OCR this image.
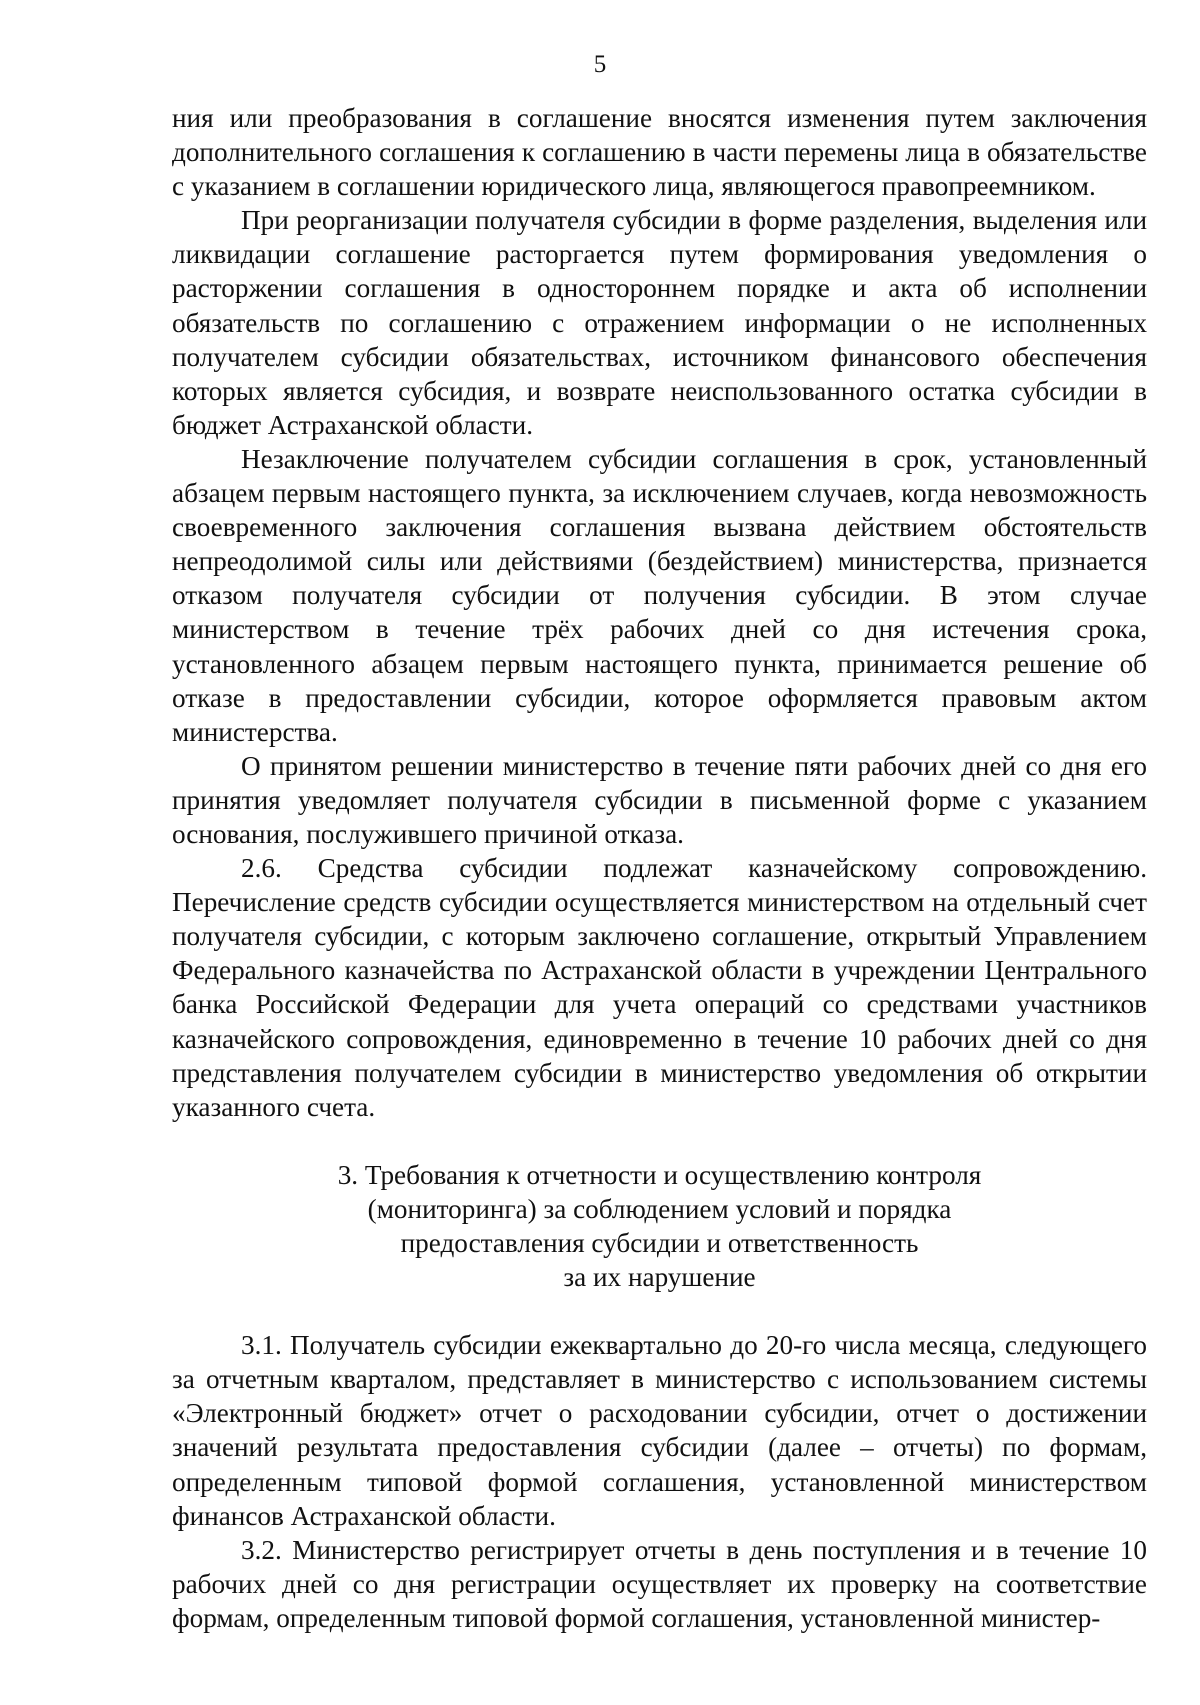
5

ния или преобразования в соглашение вносятся изменения путем заключения дополнительного соглашения к соглашению в части перемены лица в обязательстве с указанием в соглашении юридического лица, являющегося правопреемником.

При реорганизации получателя субсидии в форме разделения, выделения или ликвидации соглашение расторгается путем формирования уведомления о расторжении соглашения в одностороннем порядке и акта об исполнении обязательств по соглашению с отражением информации о не исполненных получателем субсидии обязательствах, источником финансового обеспечения которых является субсидия, и возврате неиспользованного остатка субсидии в бюджет Астраханской области.

Незаключение получателем субсидии соглашения в срок, установленный абзацем первым настоящего пункта, за исключением случаев, когда невозможность своевременного заключения соглашения вызвана действием обстоятельств непреодолимой силы или действиями (бездействием) министерства, признается отказом получателя субсидии от получения субсидии. В этом случае министерством в течение трёх рабочих дней со дня истечения срока, установленного абзацем первым настоящего пункта, принимается решение об отказе в предоставлении субсидии, которое оформляется правовым актом министерства.

О принятом решении министерство в течение пяти рабочих дней со дня его принятия уведомляет получателя субсидии в письменной форме с указанием основания, послужившего причиной отказа.

2.6. Средства субсидии подлежат казначейскому сопровождению. Перечисление средств субсидии осуществляется министерством на отдельный счет получателя субсидии, с которым заключено соглашение, открытый Управлением Федерального казначейства по Астраханской области в учреждении Центрального банка Российской Федерации для учета операций со средствами участников казначейского сопровождения, единовременно в течение 10 рабочих дней со дня представления получателем субсидии в министерство уведомления об открытии указанного счета.

3. Требования к отчетности и осуществлению контроля
(мониторинга) за соблюдением условий и порядка
предоставления субсидии и ответственность
за их нарушение

3.1. Получатель субсидии ежеквартально до 20-го числа месяца, следующего за отчетным кварталом, представляет в министерство с использованием системы «Электронный бюджет» отчет о расходовании субсидии, отчет о достижении значений результата предоставления субсидии (далее – отчеты) по формам, определенным типовой формой соглашения, установленной министерством финансов Астраханской области.

3.2. Министерство регистрирует отчеты в день поступления и в течение 10 рабочих дней со дня регистрации осуществляет их проверку на соответствие формам, определенным типовой формой соглашения, установленной министер-
